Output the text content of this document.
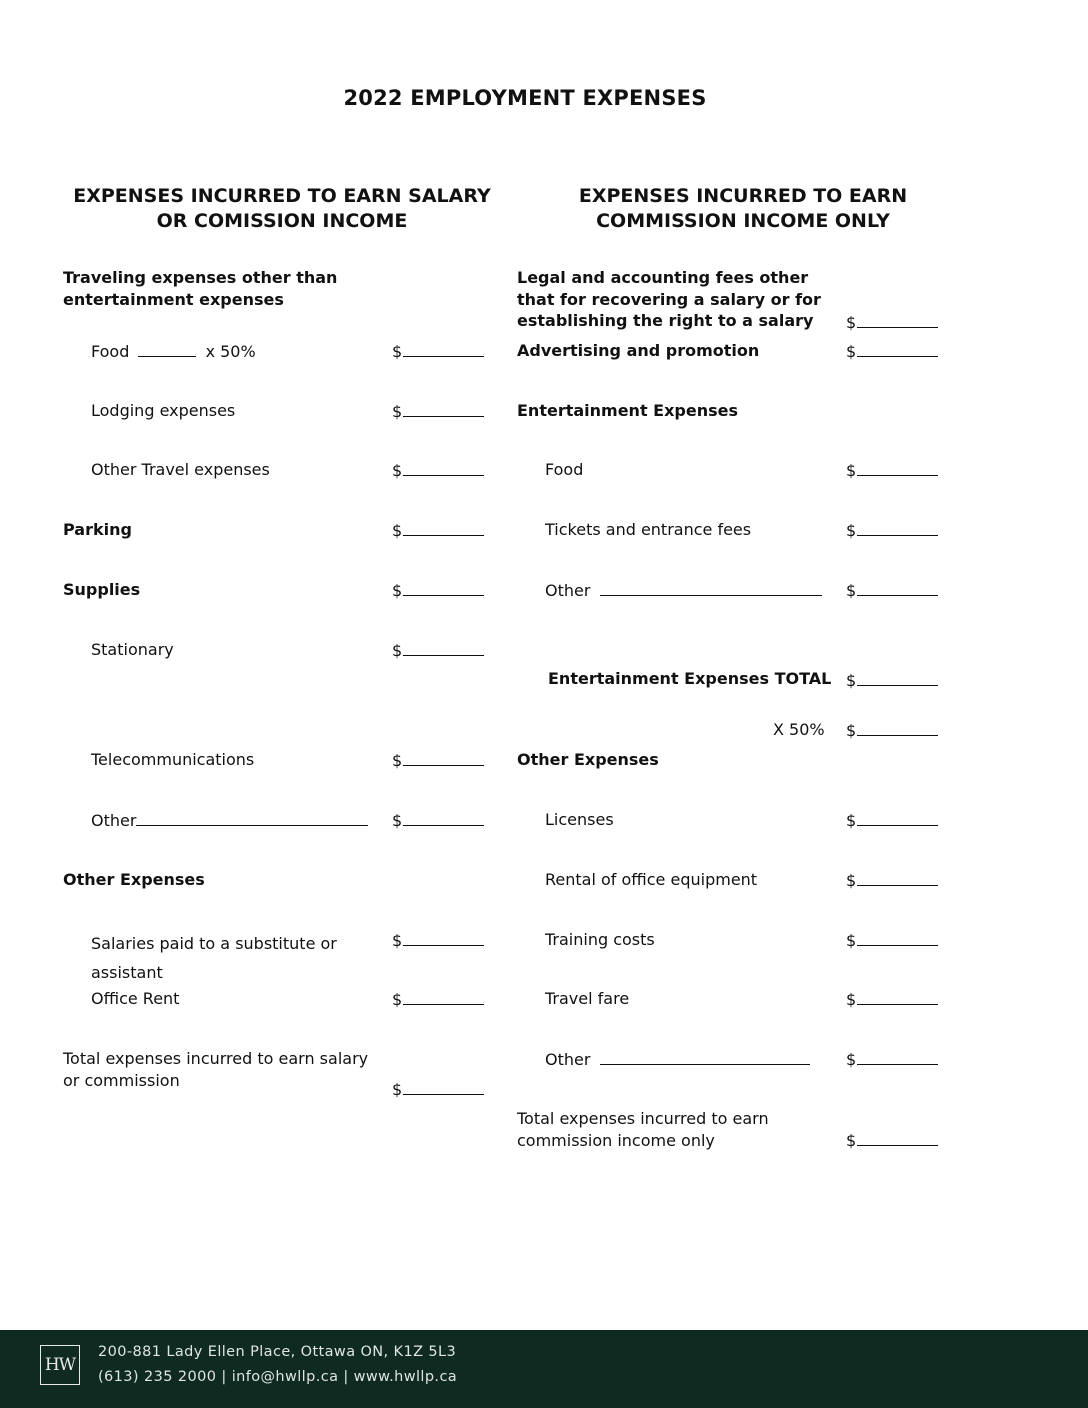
2022 EMPLOYMENT EXPENSES
EXPENSES INCURRED TO EARN SALARY
OR COMISSION INCOME
EXPENSES INCURRED TO EARN
COMMISSION INCOME ONLY
Traveling expenses other than
entertainment expenses
Food	x 50%	$
Lodging expenses	$
Other Travel expenses	$
Parking	$
Supplies	$
Stationary	$
Telecommunications	$
Other	$
Other Expenses
Salaries paid to a substitute or
assistant
$
Office Rent	$
Total expenses incurred to earn salary
or commission	$
Legal and accounting fees other
that for recovering a salary or for
establishing the right to a salary	$
Advertising and promotion	$
Entertainment Expenses
Food	$
Tickets and entrance fees	$
Other	$
Entertainment Expenses TOTAL $
X 50% $
Other Expenses
Licenses	$
Rental of office equipment	$
Training costs	$
Travel fare	$
Other	$
Total expenses incurred to earn
commission income only	$
HW
200-881 Lady Ellen Place, Ottawa ON, K1Z 5L3
(613) 235 2000 | info@hwllp.ca | www.hwllp.ca
